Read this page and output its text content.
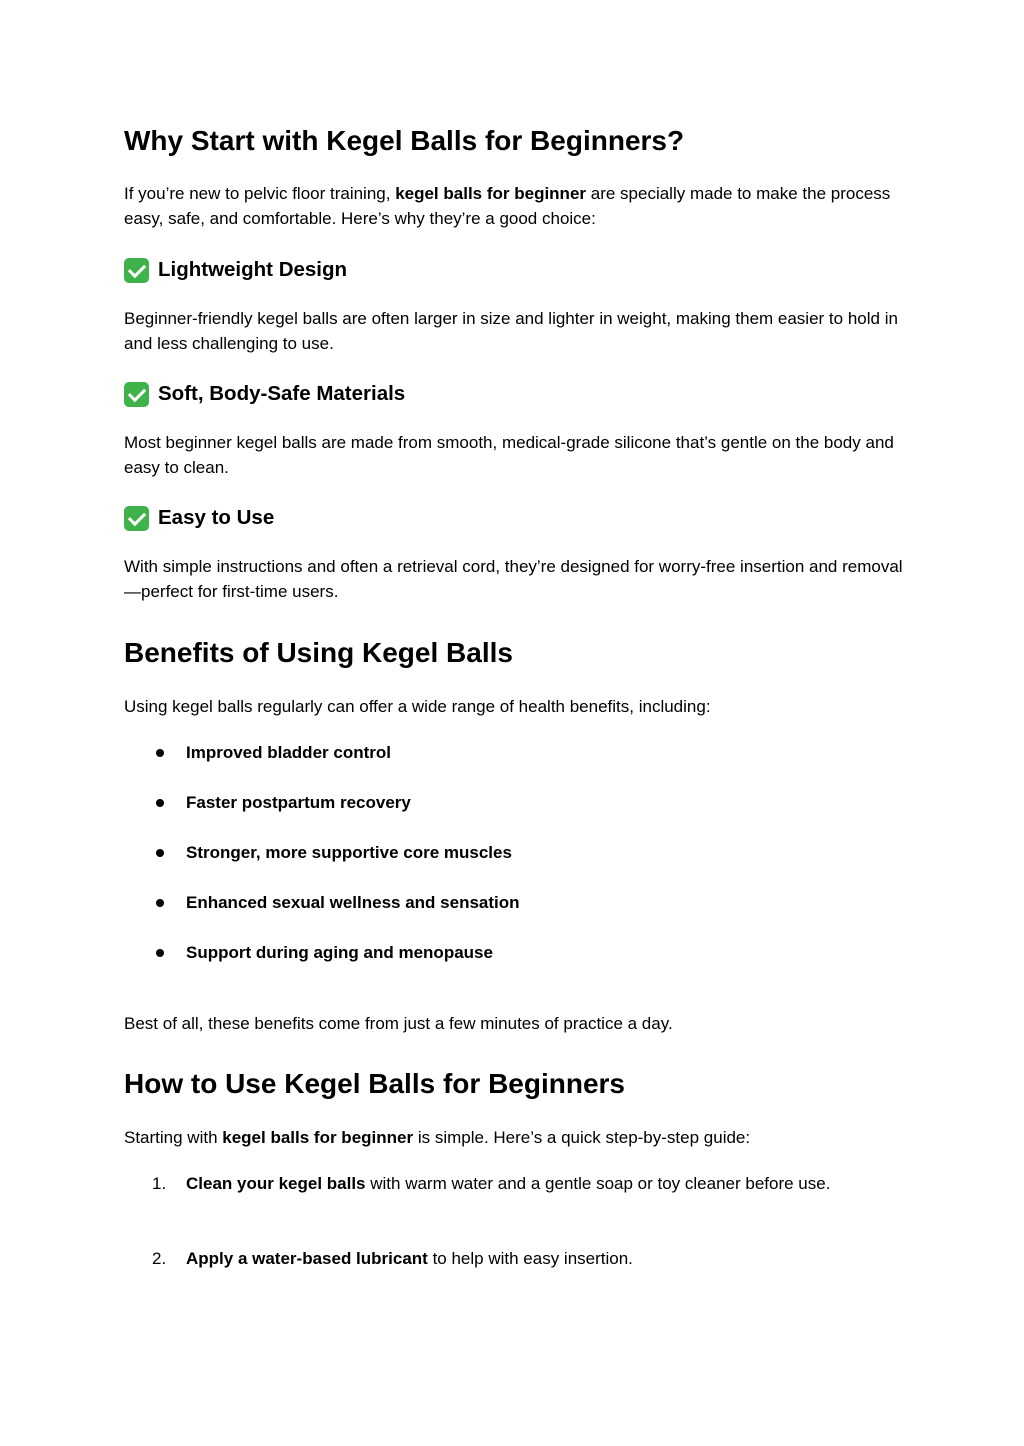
Why Start with Kegel Balls for Beginners?

If you’re new to pelvic floor training, kegel balls for beginner are specially made to make the process easy, safe, and comfortable. Here’s why they’re a good choice:

Lightweight Design

Beginner-friendly kegel balls are often larger in size and lighter in weight, making them easier to hold in and less challenging to use.

Soft, Body-Safe Materials

Most beginner kegel balls are made from smooth, medical-grade silicone that’s gentle on the body and easy to clean.

Easy to Use

With simple instructions and often a retrieval cord, they’re designed for worry-free insertion and removal—perfect for first-time users.

Benefits of Using Kegel Balls

Using kegel balls regularly can offer a wide range of health benefits, including:

Improved bladder control
Faster postpartum recovery
Stronger, more supportive core muscles
Enhanced sexual wellness and sensation
Support during aging and menopause

Best of all, these benefits come from just a few minutes of practice a day.

How to Use Kegel Balls for Beginners

Starting with kegel balls for beginner is simple. Here’s a quick step-by-step guide:

1. Clean your kegel balls with warm water and a gentle soap or toy cleaner before use.
2. Apply a water-based lubricant to help with easy insertion.
